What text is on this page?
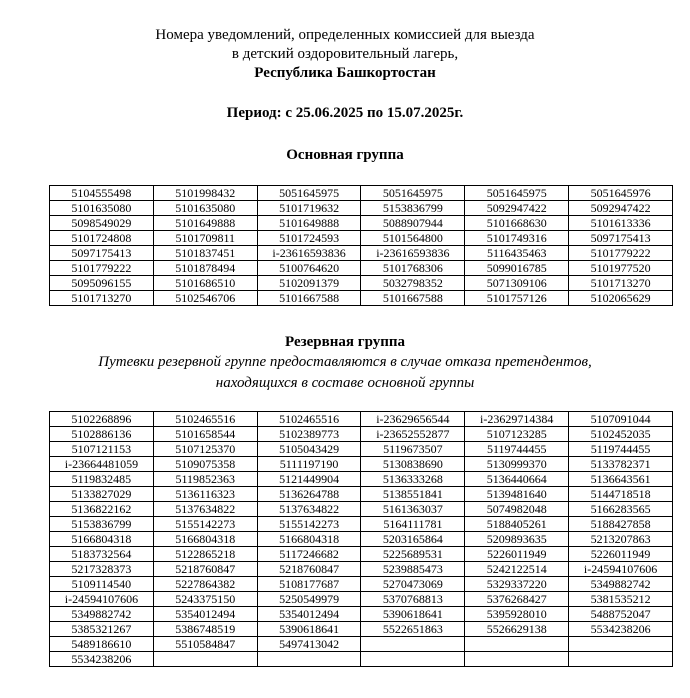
Номера уведомлений, определенных комиссией для выезда
в детский оздоровительный лагерь,
Республика Башкортостан
Период: с 25.06.2025 по 15.07.2025г.
Основная группа
5104555498	5101998432	5051645975	5051645975	5051645975	5051645976
5101635080	5101635080	5101719632	5153836799	5092947422	5092947422
5098549029	5101649888	5101649888	5088907944	5101668630	5101613336
5101724808	5101709811	5101724593	5101564800	5101749316	5097175413
5097175413	5101837451	i-23616593836	i-23616593836	5116435463	5101779222
5101779222	5101878494	5100764620	5101768306	5099016785	5101977520
5095096155	5101686510	5102091379	5032798352	5071309106	5101713270
5101713270	5102546706	5101667588	5101667588	5101757126	5102065629
Резервная группа
Путевки резервной группе предоставляются в случае отказа претендентов,
находящихся в составе основной группы
5102268896	5102465516	5102465516	i-23629656544	i-23629714384	5107091044
5102886136	5101658544	5102389773	i-23652552877	5107123285	5102452035
5107121153	5107125370	5105043429	5119673507	5119744455	5119744455
i-23664481059	5109075358	5111197190	5130838690	5130999370	5133782371
5119832485	5119852363	5121449904	5136333268	5136440664	5136643561
5133827029	5136116323	5136264788	5138551841	5139481640	5144718518
5136822162	5137634822	5137634822	5161363037	5074982048	5166283565
5153836799	5155142273	5155142273	5164111781	5188405261	5188427858
5166804318	5166804318	5166804318	5203165864	5209893635	5213207863
5183732564	5122865218	5117246682	5225689531	5226011949	5226011949
5217328373	5218760847	5218760847	5239885473	5242122514	i-24594107606
5109114540	5227864382	5108177687	5270473069	5329337220	5349882742
i-24594107606	5243375150	5250549979	5370768813	5376268427	5381535212
5349882742	5354012494	5354012494	5390618641	5395928010	5488752047
5385321267	5386748519	5390618641	5522651863	5526629138	5534238206
5489186610	5510584847	5497413042			
5534238206					
